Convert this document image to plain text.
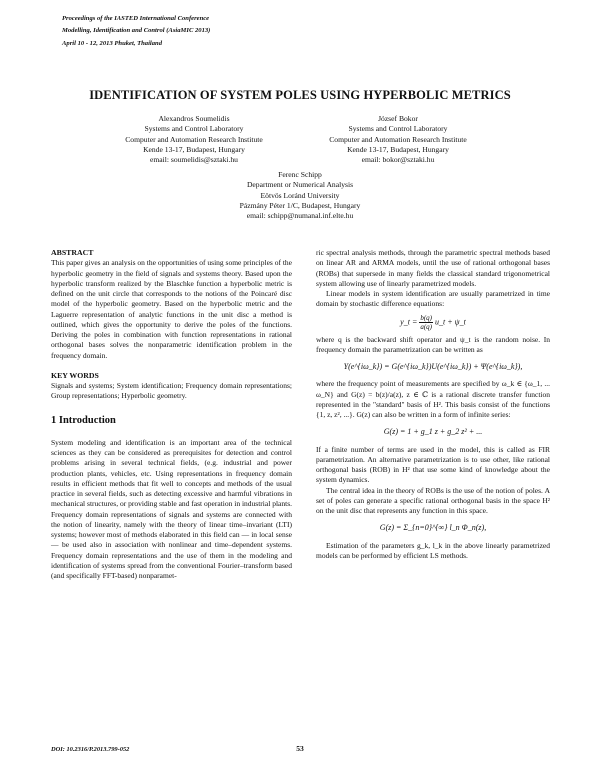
Proceedings of the IASTED International Conference
Modelling, Identification and Control (AsiaMIC 2013)
April 10 - 12, 2013 Phuket, Thailand
IDENTIFICATION OF SYSTEM POLES USING HYPERBOLIC METRICS
Alexandros Soumelidis
Systems and Control Laboratory
Computer and Automation Research Institute
Kende 13-17, Budapest, Hungary
email: soumelidis@sztaki.hu
József Bokor
Systems and Control Laboratory
Computer and Automation Research Institute
Kende 13-17, Budapest, Hungary
email: bokor@sztaki.hu
Ferenc Schipp
Department or Numerical Analysis
Eötvös Loránd University
Pázmány Péter 1/C, Budapest, Hungary
email: schipp@numanal.inf.elte.hu
ABSTRACT

This paper gives an analysis on the opportunities of using some principles of the hyperbolic geometry in the field of signals and systems theory. Based upon the hyperbolic transform realized by the Blaschke function a hyperbolic metric is defined on the unit circle that corresponds to the notions of the Poincaré disc model of the hyperbolic geometry. Based on the hyperbolic metric and the Laguerre representation of analytic functions in the unit disc a method is outlined, which gives the opportunity to derive the poles of the functions. Deriving the poles in combination with function representations in rational orthogonal bases solves the nonparametric identification problem in the frequency domain.

KEY WORDS

Signals and systems; System identification; Frequency domain representations; Group representations; Hyperbolic geometry.

1 Introduction

System modeling and identification is an important area of the technical sciences as they can be considered as prerequisites for detection and control problems arising in several technical fields, (e.g. industrial and power production plants, vehicles, etc. Using representations in frequency domain results in efficient methods that fit well to concepts and methods of the usual practice in several fields, such as detecting excessive and harmful vibrations in mechanical structures, or providing stable and fast operation in industrial plants. Frequency domain representations of signals and systems are connected with the notion of linearity, namely with the theory of linear time–invariant (LTI) systems; however most of methods elaborated in this field can — in local sense — be used also in association with nonlinear and time–dependent systems. Frequency domain representations and the use of them in the modeling and identification of systems spread from the conventional Fourier–transform based (and specifically FFT-based) nonparamet-

ric spectral analysis methods, through the parametric spectral methods based on linear AR and ARMA models, until the use of rational orthogonal bases (ROBs) that supersede in many fields the classical standard trigonometrical system allowing use of linearly parametrized models.

Linear models in system identification are usually parametrized in time domain by stochastic difference equations:

y_t = $\frac{b(q)}{a(q)}$ u_t + ψ_t

where q is the backward shift operator and ψ_t is the random noise. In frequency domain the parametrization can be written as

Y(e^{iω_k}) = G(e^{iω_k})U(e^{iω_k}) + Ψ(e^{iω_k}),

where the frequency point of measurements are specified by ω_k ∈ {ω_1, ... ω_N} and G(z) = b(z)/a(z), z ∈ ℂ is a rational discrete transfer function represented in the "standard" basis of H². This basis consist of the functions {1, z, z², ...}. G(z) can also be written in a form of infinite series:

G(z) = 1 + g_1 z + g_2 z² + ...

If a finite number of terms are used in the model, this is called as FIR parametrization. An alternative parametrization is to use other, like rational orthogonal basis (ROB) in H² that use some kind of knowledge about the system dynamics.

The central idea in the theory of ROBs is the use of the notion of poles. A set of poles can generate a specific rational orthogonal basis in the space H² on the unit disc that represents any function in this space.

G(z) = Σ_{n=0}^{∞} l_n Φ_n(z),

Estimation of the parameters g_k, l_k in the above linearly parametrized models can be performed by efficient LS methods.

DOI: 10.2316/P.2013.799-052	53
